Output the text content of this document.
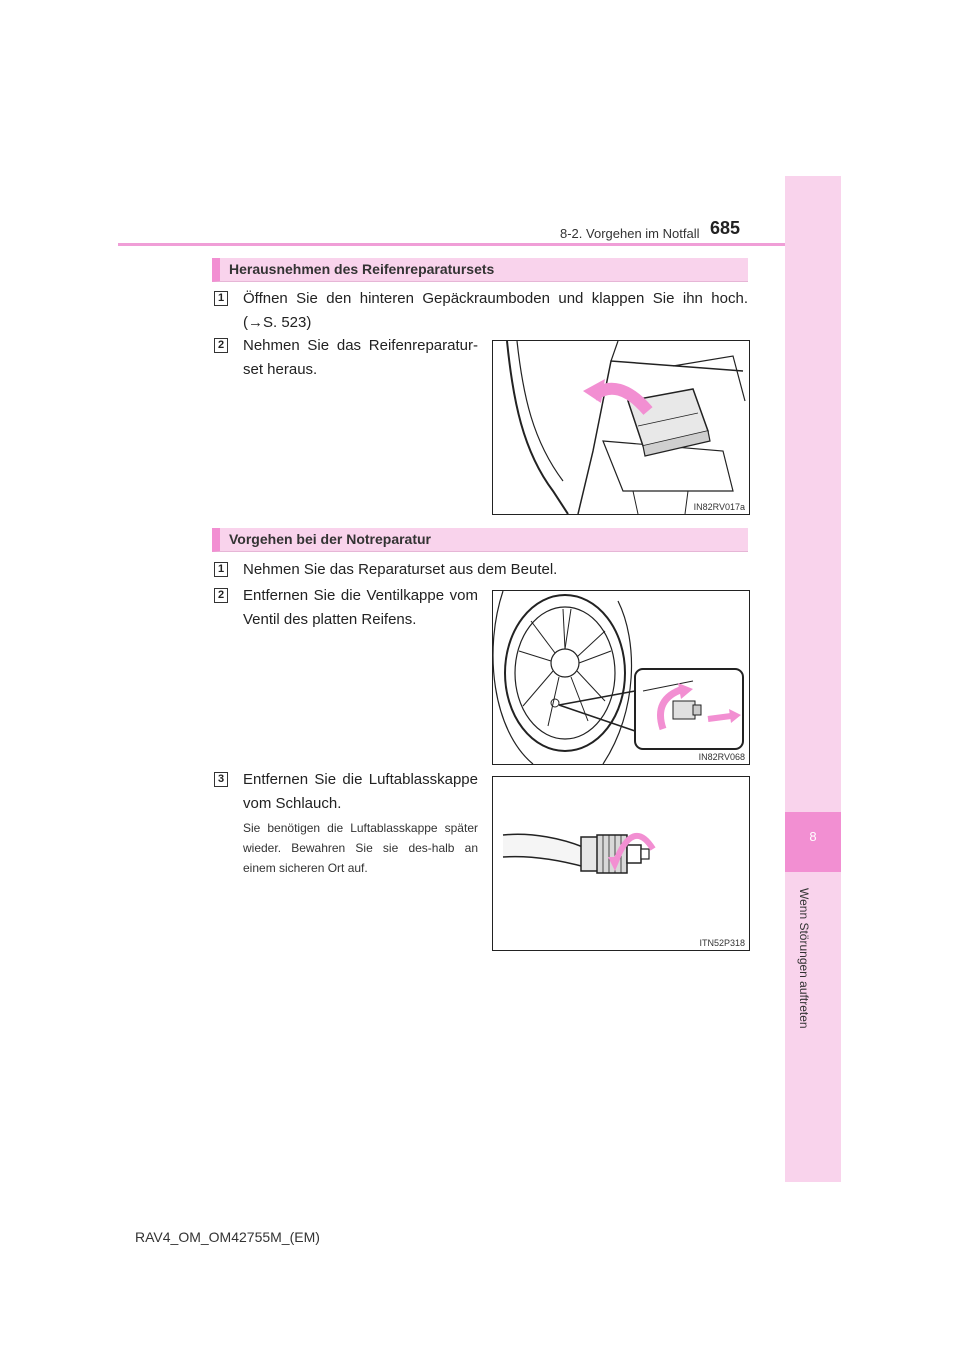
8-2. Vorgehen im Notfall 685
8
Wenn Störungen auftreten
Herausnehmen des Reifenreparatursets
1 Öffnen Sie den hinteren Gepäckraumboden und klappen Sie ihn hoch. (→S. 523)
2 Nehmen Sie das Reifenreparatur-set heraus.
IN82RV017a
Vorgehen bei der Notreparatur
1 Nehmen Sie das Reparaturset aus dem Beutel.
2 Entfernen Sie die Ventilkappe vom Ventil des platten Reifens.
IN82RV068
3 Entfernen Sie die Luftablasskappe vom Schlauch.
Sie benötigen die Luftablasskappe später wieder. Bewahren Sie sie des-halb an einem sicheren Ort auf.
ITN52P318
RAV4_OM_OM42755M_(EM)
